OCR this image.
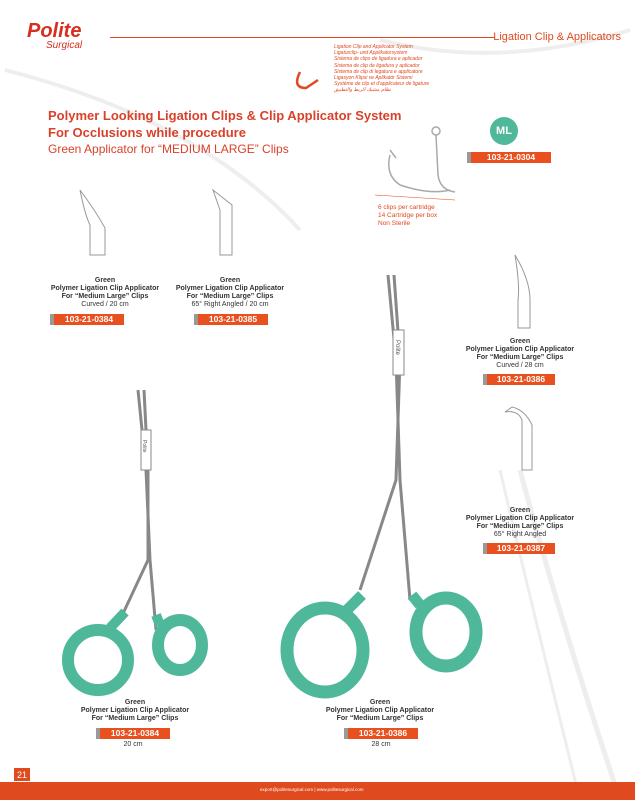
Polite
Polite
Polite
Surgical
Ligation Clip & Applicators
Ligation Clip and Applicator System
Ligaturclip- und Applikatorsystem
Sistema de clips de ligadura e aplicador
Sistema de clip de ligadura y aplicador
Sistema de clip di legatura e applicatore
Ligasyon Klipsi ve Aplikatör Sistemi
Système de clip et d'applicateur de ligature
نظام مشبك الربط والتطبيق
Polymer Looking Ligation Clips & Clip Applicator System
For Occlusions while procedure
Green Applicator for “MEDIUM LARGE” Clips
ML
103-21-0304
6 clips per cartridge
14 Cartridge per box
Non Sterile
Green
Polymer Ligation Clip Applicator
For “Medium Large” Clips
Curved / 20 cm
103-21-0384
Green
Polymer Ligation Clip Applicator
For “Medium Large” Clips
65° Right Angled / 20 cm
103-21-0385
Green
Polymer Ligation Clip Applicator
For “Medium Large” Clips
Curved / 28 cm
103-21-0386
Green
Polymer Ligation Clip Applicator
For “Medium Large” Clips
65° Right Angled
103-21-0387
Green
Polymer Ligation Clip Applicator
For “Medium Large” Clips
103-21-0384
20 cm
Green
Polymer Ligation Clip Applicator
For “Medium Large” Clips
103-21-0386
28 cm
21
export@politesurgical.com | www.politesurgical.com
